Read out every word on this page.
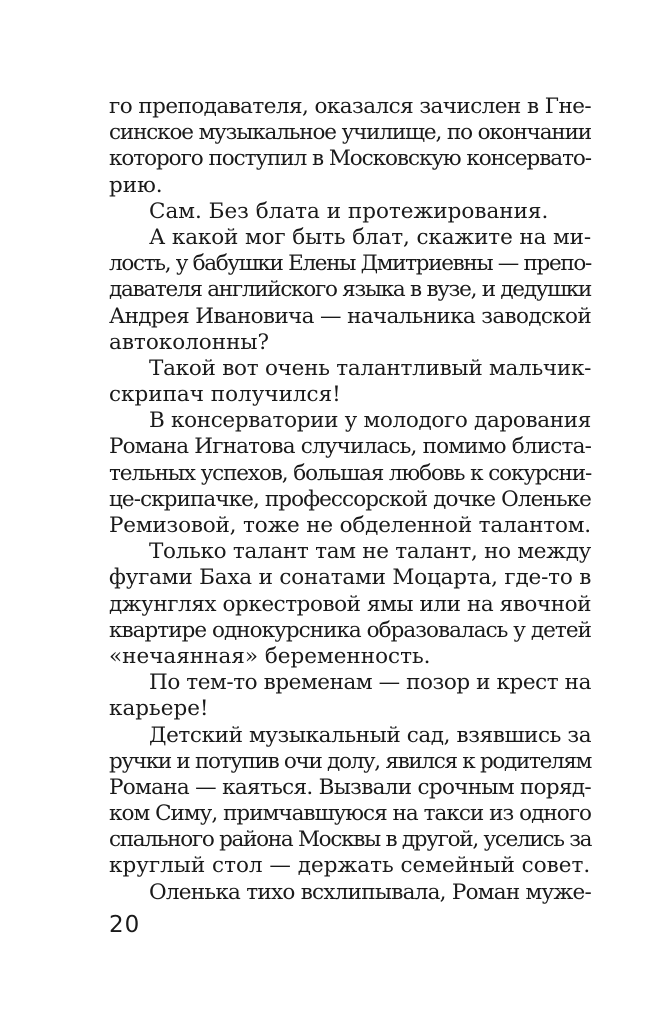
го преподавателя, оказался зачислен в Гне-
синское музыкальное училище, по окончании
которого поступил в Московскую консервато-
рию.
Сам. Без блата и протежирования.
А какой мог быть блат, скажите на ми-
лость, у бабушки Елены Дмитриевны — препо-
давателя английского языка в вузе, и дедушки
Андрея Ивановича — начальника заводской
автоколонны?
Такой вот очень талантливый мальчик-
скрипач получился!
В консерватории у молодого дарования
Романа Игнатова случилась, помимо блиста-
тельных успехов, большая любовь к сокурсни-
це-скрипачке, профессорской дочке Оленьке
Ремизовой, тоже не обделенной талантом.
Только талант там не талант, но между
фугами Баха и сонатами Моцарта, где-то в
джунглях оркестровой ямы или на явочной
квартире однокурсника образовалась у детей
«нечаянная» беременность.
По тем-то временам — позор и крест на
карьере!
Детский музыкальный сад, взявшись за
ручки и потупив очи долу, явился к родителям
Романа — каяться. Вызвали срочным поряд-
ком Симу, примчавшуюся на такси из одного
спального района Москвы в другой, уселись за
круглый стол — держать семейный совет.
Оленька тихо всхлипывала, Роман муже-
20
